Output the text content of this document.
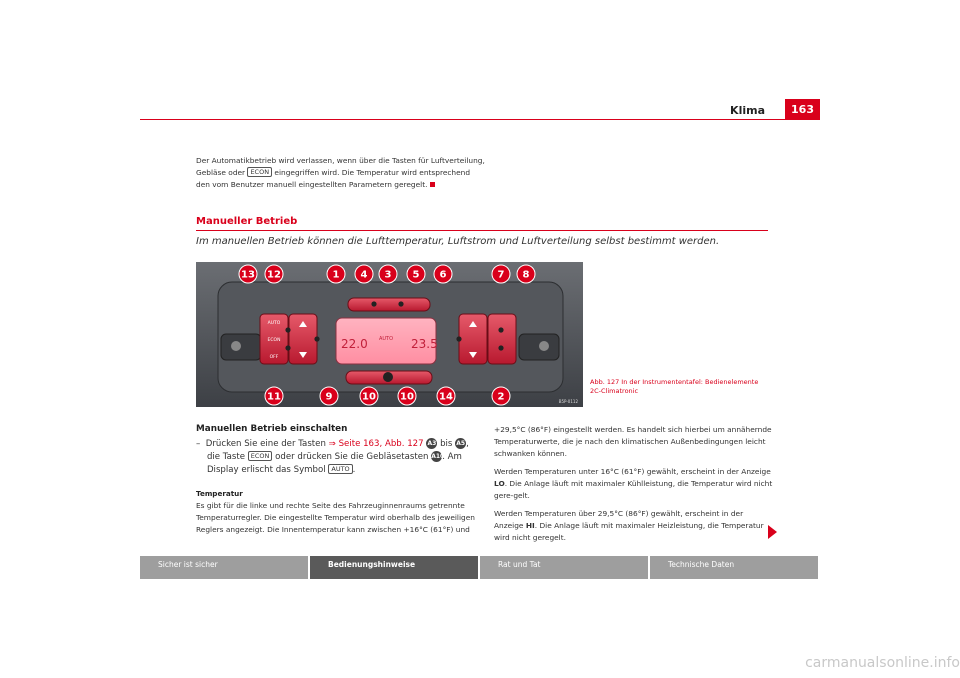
Klima	163
Der Automatikbetrieb wird verlassen, wenn über die Tasten für Luftverteilung,
Gebläse oder ECON eingegriffen wird. Die Temperatur wird entsprechend
den vom Benutzer manuell eingestellten Parametern geregelt.
Manueller Betrieb
Im manuellen Betrieb können die Lufttemperatur, Luftstrom und Luftverteilung selbst bestimmt werden.
AUTO
ECON
OFF
22.0	23.5
AUTO
13 12	1 4 3 5 6	7 8
11	9	10 10	14	2	B5P-0112
Abb. 127 In der Instrumententafel: Bedienelemente 2C-Climatronic
Manuellen Betrieb einschalten
– Drücken Sie eine der Tasten ⇒ Seite 163, Abb. 127 A3 bis A5,
die Taste ECON oder drücken Sie die Gebläsetasten A10. Am
Display erlischt das Symbol AUTO .
Temperatur
Es gibt für die linke und rechte Seite des Fahrzeuginnenraums getrennte Temperaturregler. Die eingestellte Temperatur wird oberhalb des jeweiligen Reglers angezeigt. Die Innentemperatur kann zwischen +16°C (61°F) und

+29,5°C (86°F) eingestellt werden. Es handelt sich hierbei um annähernde Temperaturwerte, die je nach den klimatischen Außenbedingungen leicht schwanken können.

Werden Temperaturen unter 16°C (61°F) gewählt, erscheint in der Anzeige LO. Die Anlage läuft mit maximaler Kühlleistung, die Temperatur wird nicht gere-gelt.

Werden Temperaturen über 29,5°C (86°F) gewählt, erscheint in der Anzeige HI. Die Anlage läuft mit maximaler Heizleistung, die Temperatur wird nicht geregelt.

Sicher ist sicher	Bedienungshinweise	Rat und Tat	Technische Daten
carmanualsonline.info
